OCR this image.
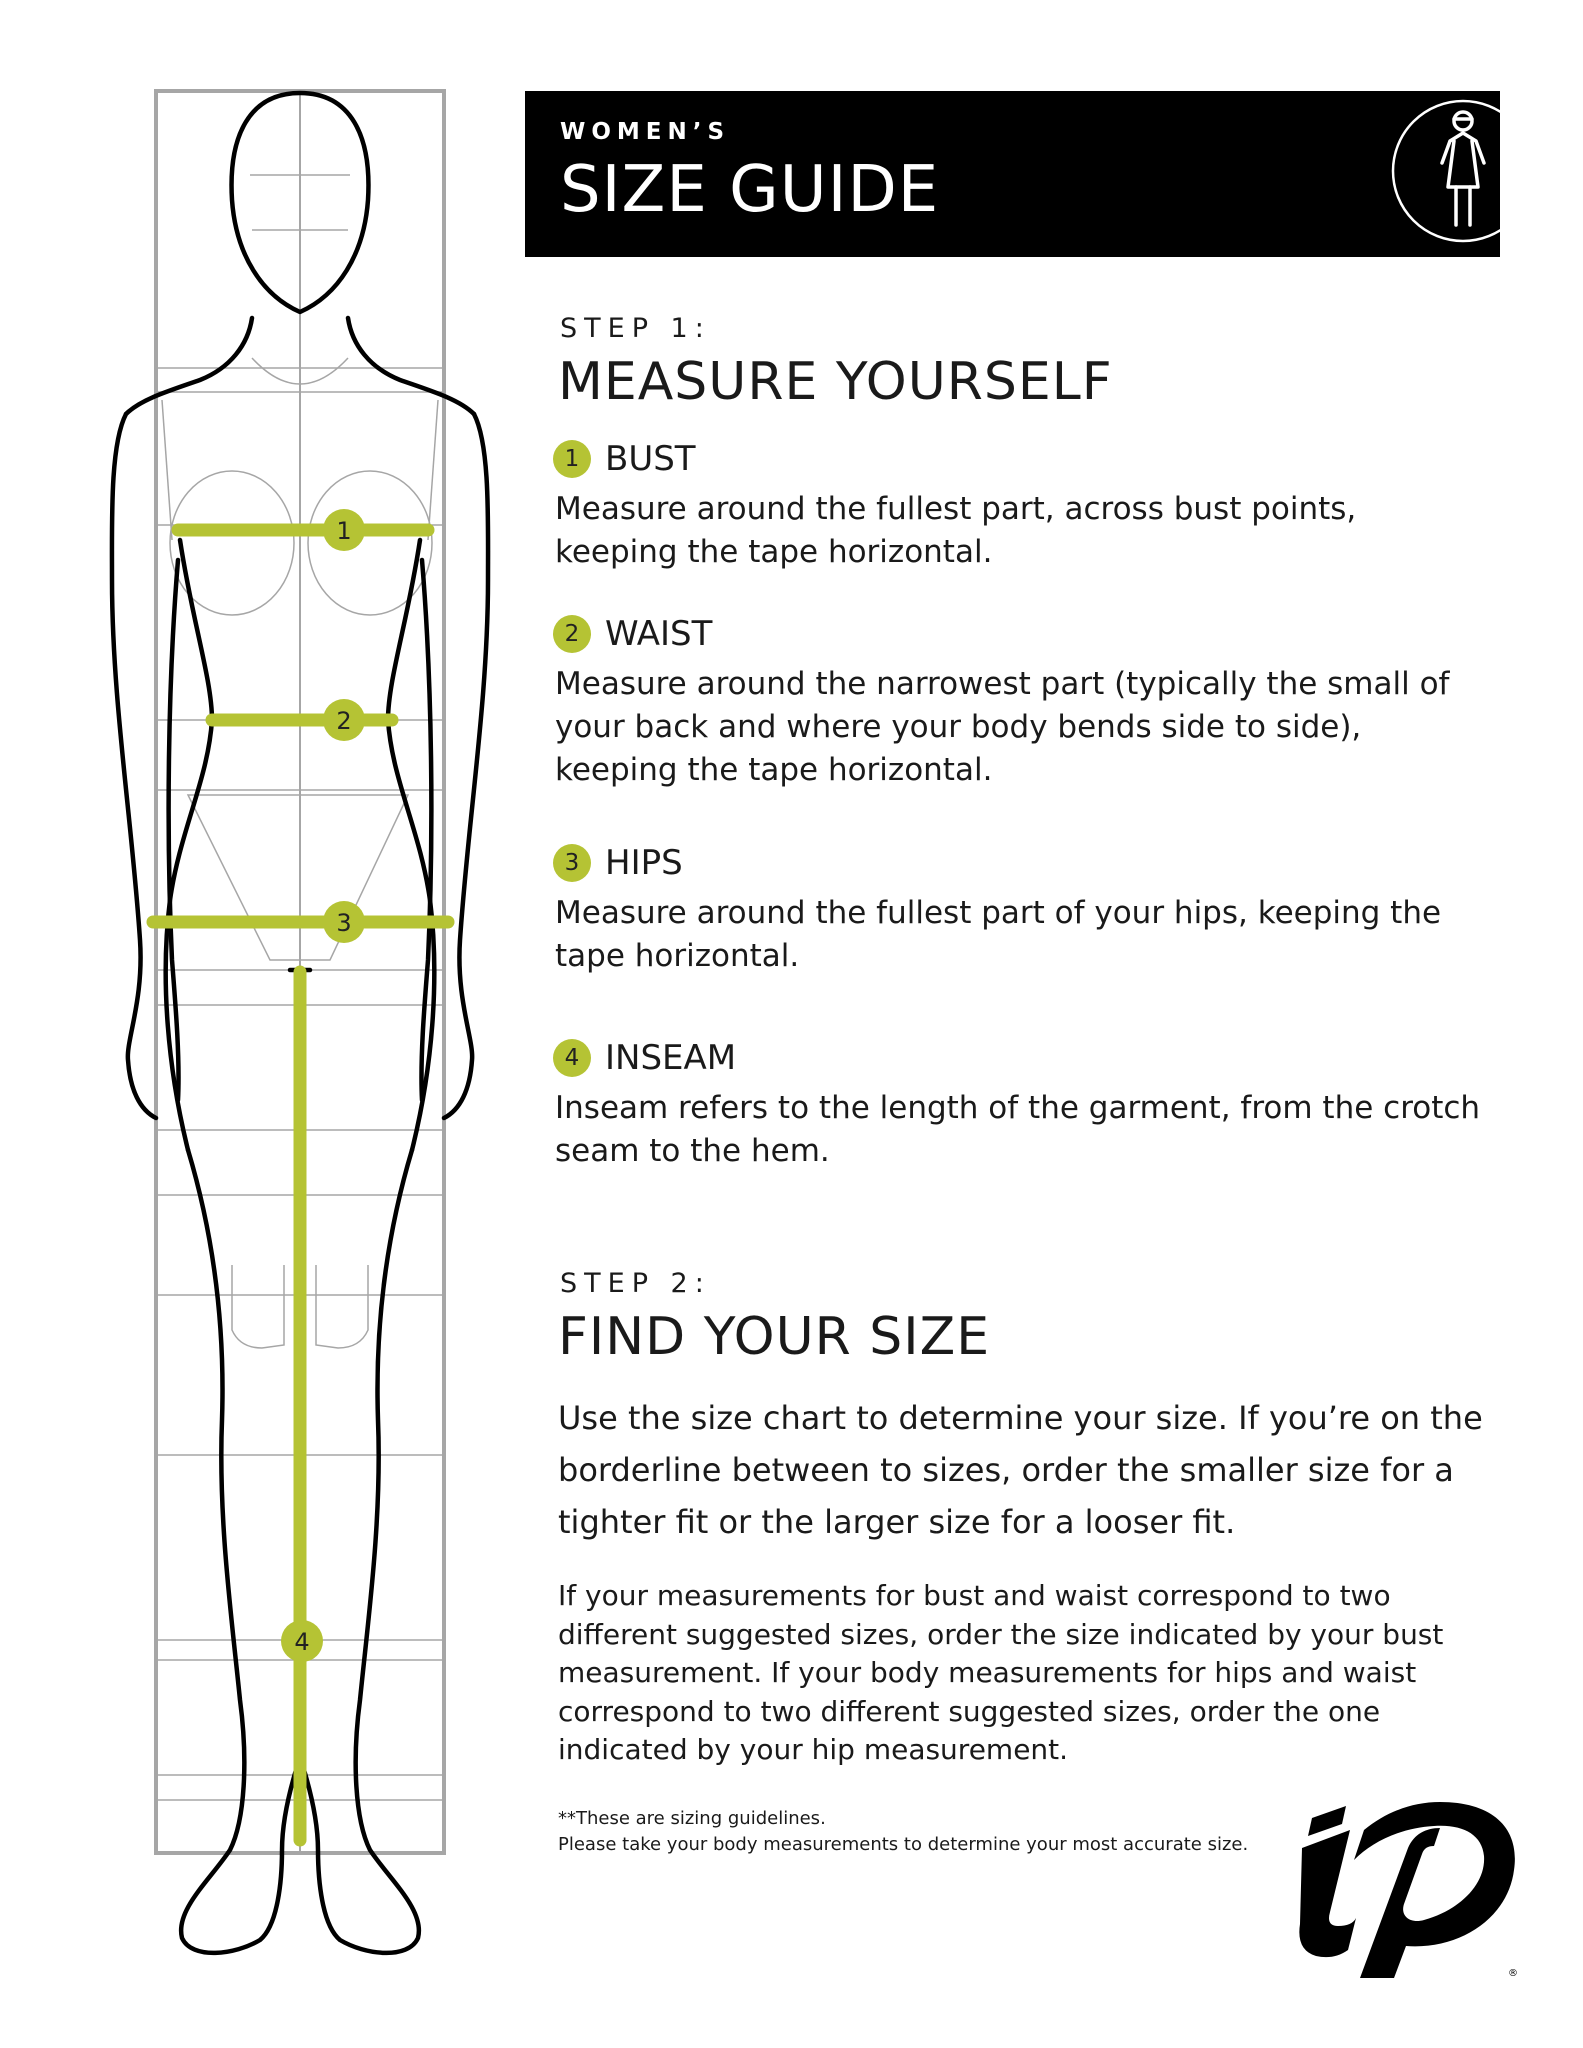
1
2
3
4
WOMEN’S
SIZE GUIDE
STEP 1:
MEASURE YOURSELF
1 BUST
Measure around the fullest part, across bust points, keeping the tape horizontal.
2 WAIST
Measure around the narrowest part (typically the small of your back and where your body bends side to side), keeping the tape horizontal.
3 HIPS
Measure around the fullest part of your hips, keeping the tape horizontal.
4 INSEAM
Inseam refers to the length of the garment, from the crotch seam to the hem.
STEP 2:
FIND YOUR SIZE
Use the size chart to determine your size. If you’re on the borderline between to sizes, order the smaller size for a tighter fit or the larger size for a looser fit.
If your measurements for bust and waist correspond to two different suggested sizes, order the size indicated by your bust measurement. If your body measurements for hips and waist correspond to two different suggested sizes, order the one indicated by your hip measurement.
**These are sizing guidelines.
Please take your body measurements to determine your most accurate size.
®
